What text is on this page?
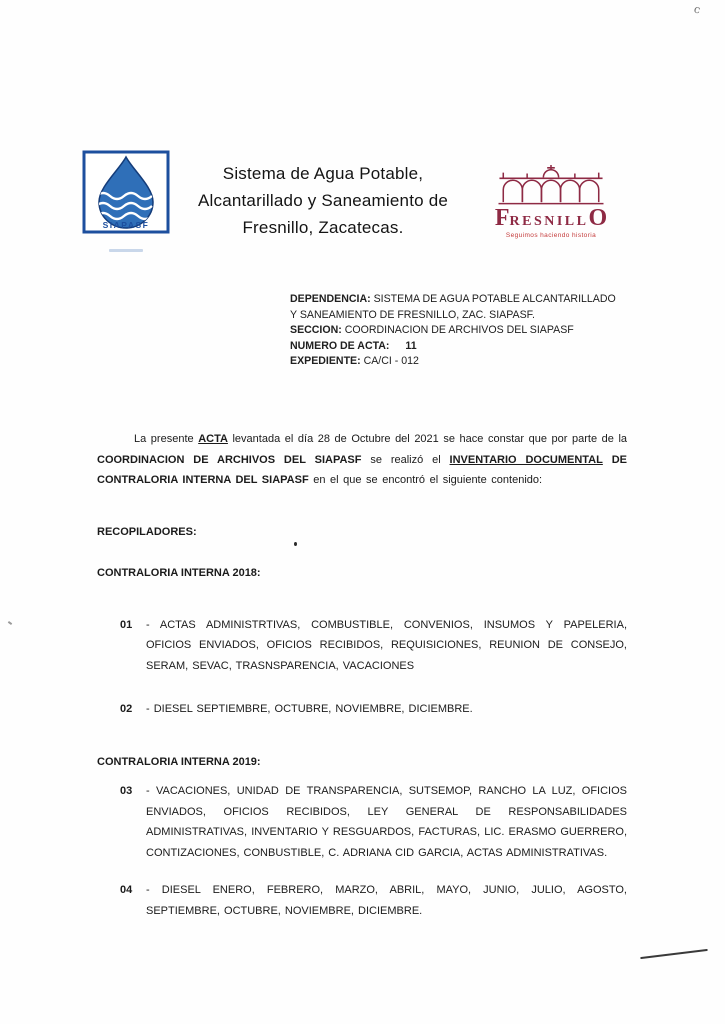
SIAPASF
Sistema de Agua Potable,
Alcantarillado y Saneamiento de
Fresnillo, Zacatecas.	FRESNILLO
Seguimos haciendo historia
DEPENDENCIA: SISTEMA DE AGUA POTABLE ALCANTARILLADO
Y SANEAMIENTO DE FRESNILLO, ZAC. SIAPASF.
SECCION: COORDINACION DE ARCHIVOS DEL SIAPASF
NUMERO DE ACTA: 11
EXPEDIENTE: CA/CI - 012
La presente ACTA levantada el día 28 de Octubre del 2021 se hace constar que por parte de la COORDINACION DE ARCHIVOS DEL SIAPASF se realizó el INVENTARIO DOCUMENTAL DE CONTRALORIA INTERNA DEL SIAPASF en el que se encontró el siguiente contenido:
RECOPILADORES:
CONTRALORIA INTERNA 2018:
01	- ACTAS ADMINISTRTIVAS, COMBUSTIBLE, CONVENIOS, INSUMOS Y PAPELERIA, OFICIOS ENVIADOS, OFICIOS RECIBIDOS, REQUISICIONES, REUNION DE CONSEJO, SERAM, SEVAC, TRASNSPARENCIA, VACACIONES
02	- DIESEL SEPTIEMBRE, OCTUBRE, NOVIEMBRE, DICIEMBRE.
CONTRALORIA INTERNA 2019:
03	- VACACIONES, UNIDAD DE TRANSPARENCIA, SUTSEMOP, RANCHO LA LUZ, OFICIOS ENVIADOS, OFICIOS RECIBIDOS, LEY GENERAL DE RESPONSABILIDADES ADMINISTRATIVAS, INVENTARIO Y RESGUARDOS, FACTURAS, LIC. ERASMO GUERRERO, CONTIZACIONES, CONBUSTIBLE, C. ADRIANA CID GARCIA, ACTAS ADMINISTRATIVAS.
04	- DIESEL ENERO, FEBRERO, MARZO, ABRIL, MAYO, JUNIO, JULIO, AGOSTO, SEPTIEMBRE, OCTUBRE, NOVIEMBRE, DICIEMBRE.
c
